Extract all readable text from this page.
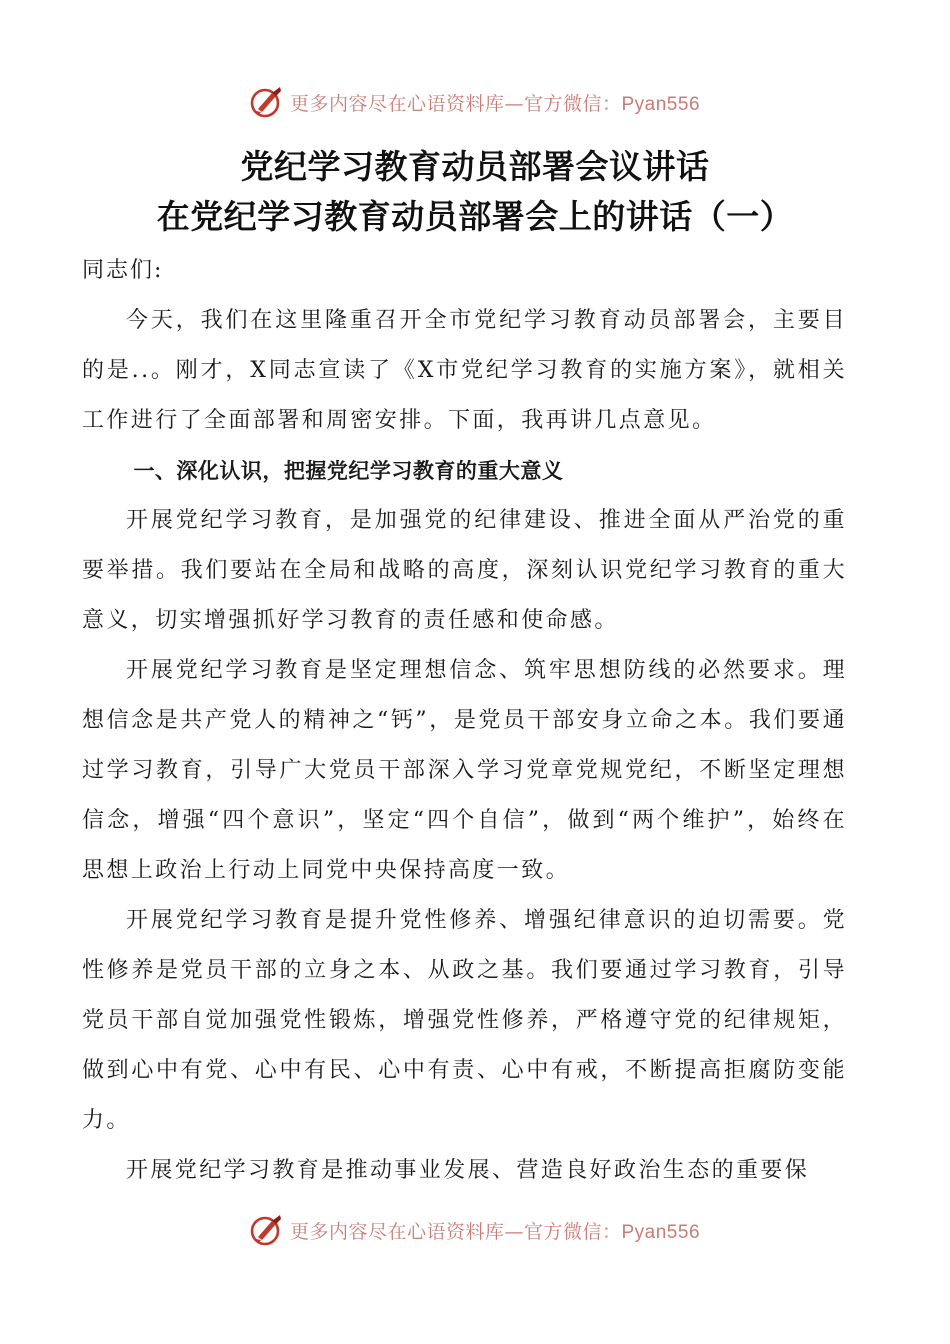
更多内容尽在心语资料库—官方微信：Pyan556
党纪学习教育动员部署会议讲话
在党纪学习教育动员部署会上的讲话（一）
同志们:

今天，我们在这里隆重召开全市党纪学习教育动员部署会，主要目的是..。刚才，X同志宣读了《X市党纪学习教育的实施方案》，就相关工作进行了全面部署和周密安排。下面，我再讲几点意见。

一、深化认识，把握党纪学习教育的重大意义

开展党纪学习教育，是加强党的纪律建设、推进全面从严治党的重要举措。我们要站在全局和战略的高度，深刻认识党纪学习教育的重大意义，切实增强抓好学习教育的责任感和使命感。

开展党纪学习教育是坚定理想信念、筑牢思想防线的必然要求。理想信念是共产党人的精神之“钙”，是党员干部安身立命之本。我们要通过学习教育，引导广大党员干部深入学习党章党规党纪，不断坚定理想信念，增强“四个意识”，坚定“四个自信”，做到“两个维护”，始终在思想上政治上行动上同党中央保持高度一致。

开展党纪学习教育是提升党性修养、增强纪律意识的迫切需要。党性修养是党员干部的立身之本、从政之基。我们要通过学习教育，引导党员干部自觉加强党性锻炼，增强党性修养，严格遵守党的纪律规矩，做到心中有党、心中有民、心中有责、心中有戒，不断提高拒腐防变能力。

开展党纪学习教育是推动事业发展、营造良好政治生态的重要保

更多内容尽在心语资料库—官方微信：Pyan556
